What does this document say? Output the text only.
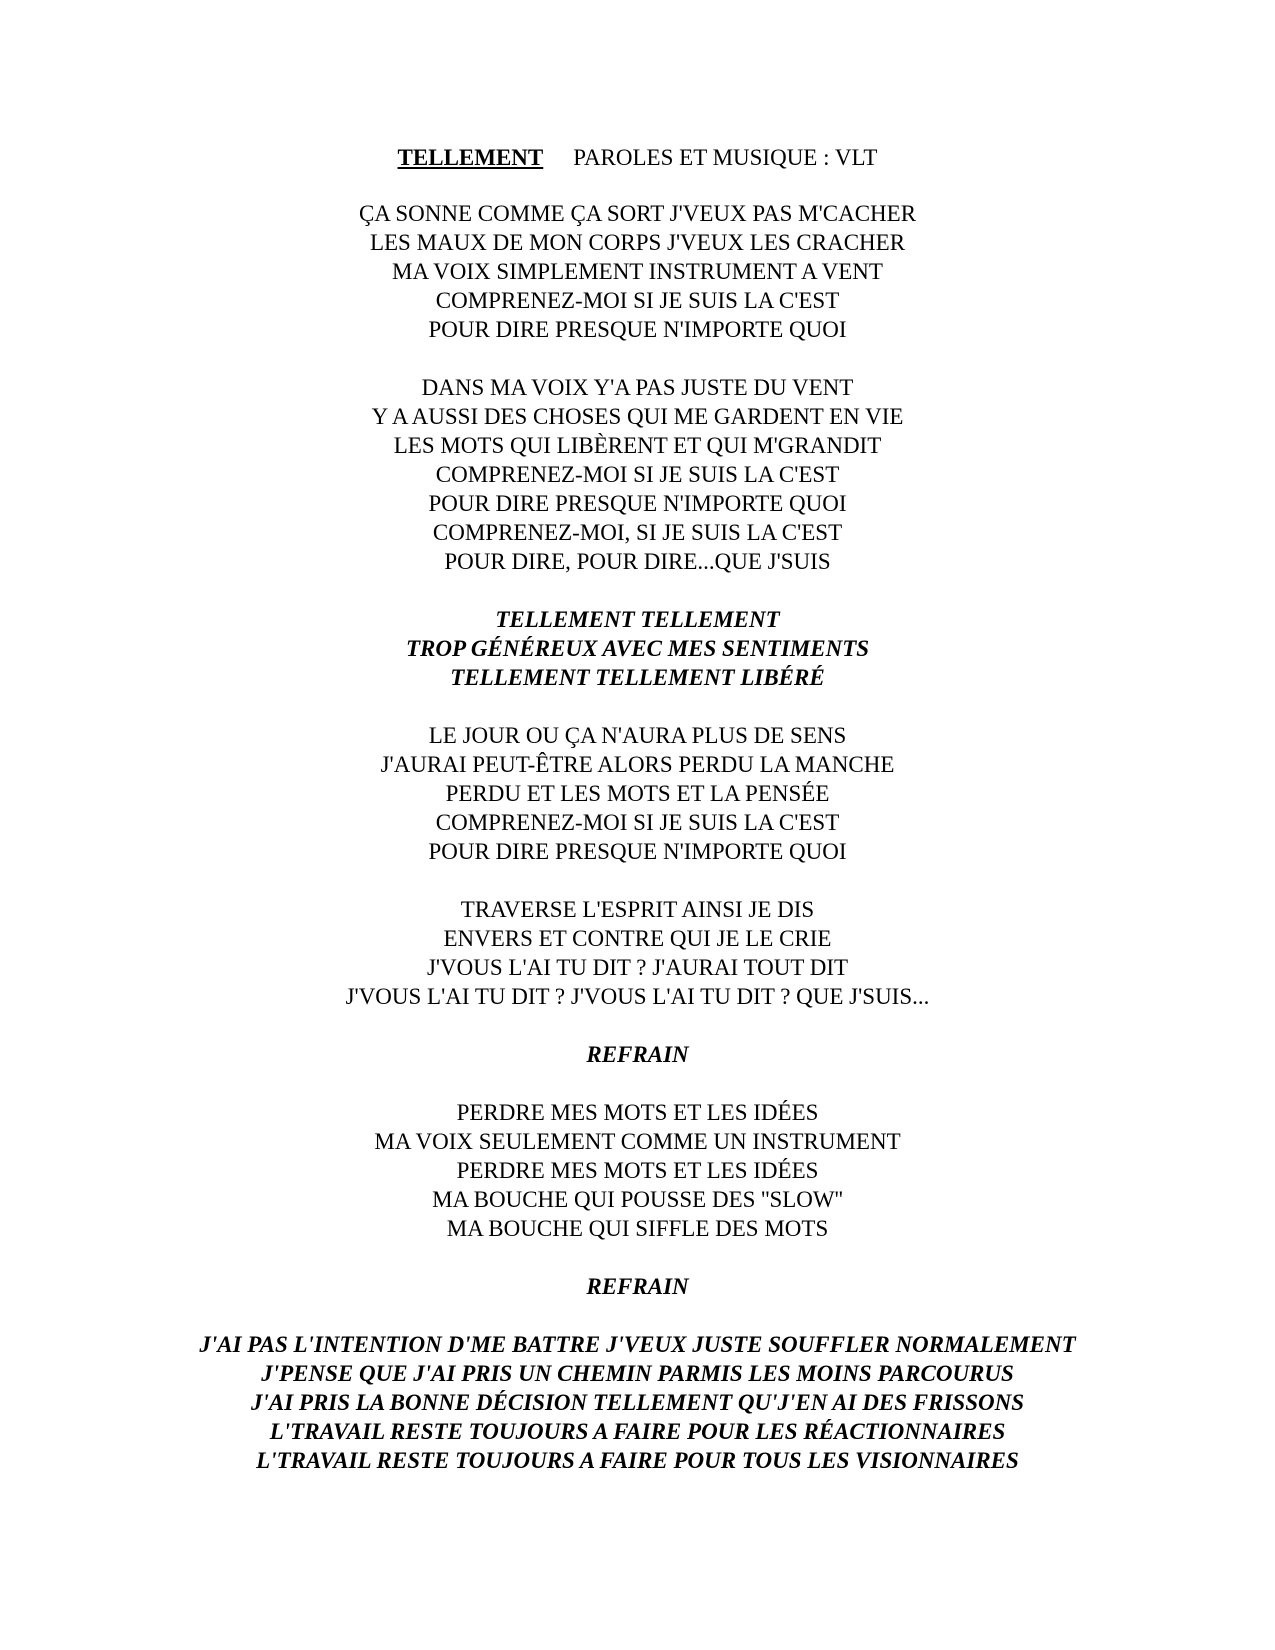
TELLEMENT PAROLES ET MUSIQUE : VLT
ÇA SONNE COMME ÇA SORT J'VEUX PAS M'CACHER
LES MAUX DE MON CORPS J'VEUX LES CRACHER
MA VOIX SIMPLEMENT INSTRUMENT A VENT
COMPRENEZ-MOI SI JE SUIS LA C'EST
POUR DIRE PRESQUE N'IMPORTE QUOI
DANS MA VOIX Y'A PAS JUSTE DU VENT
Y A AUSSI DES CHOSES QUI ME GARDENT EN VIE
LES MOTS QUI LIBÈRENT ET QUI M'GRANDIT
COMPRENEZ-MOI SI JE SUIS LA C'EST
POUR DIRE PRESQUE N'IMPORTE QUOI
COMPRENEZ-MOI, SI JE SUIS LA C'EST
POUR DIRE, POUR DIRE...QUE J'SUIS
TELLEMENT TELLEMENT
TROP GÉNÉREUX AVEC MES SENTIMENTS
TELLEMENT TELLEMENT LIBÉRÉ
LE JOUR OU ÇA N'AURA PLUS DE SENS
J'AURAI PEUT-ÊTRE ALORS PERDU LA MANCHE
PERDU ET LES MOTS ET LA PENSÉE
COMPRENEZ-MOI SI JE SUIS LA C'EST
POUR DIRE PRESQUE N'IMPORTE QUOI
TRAVERSE L'ESPRIT AINSI JE DIS
ENVERS ET CONTRE QUI JE LE CRIE
J'VOUS L'AI TU DIT ? J'AURAI TOUT DIT
J'VOUS L'AI TU DIT ? J'VOUS L'AI TU DIT ? QUE J'SUIS...
REFRAIN
PERDRE MES MOTS ET LES IDÉES
MA VOIX SEULEMENT COMME UN INSTRUMENT
PERDRE MES MOTS ET LES IDÉES
MA BOUCHE QUI POUSSE DES ''SLOW''
MA BOUCHE QUI SIFFLE DES MOTS
REFRAIN
J'AI PAS L'INTENTION D'ME BATTRE J'VEUX JUSTE SOUFFLER NORMALEMENT
J'PENSE QUE J'AI PRIS UN CHEMIN PARMIS LES MOINS PARCOURUS
J'AI PRIS LA BONNE DÉCISION TELLEMENT QU'J'EN AI DES FRISSONS
L'TRAVAIL RESTE TOUJOURS A FAIRE POUR LES RÉACTIONNAIRES
L'TRAVAIL RESTE TOUJOURS A FAIRE POUR TOUS LES VISIONNAIRES
